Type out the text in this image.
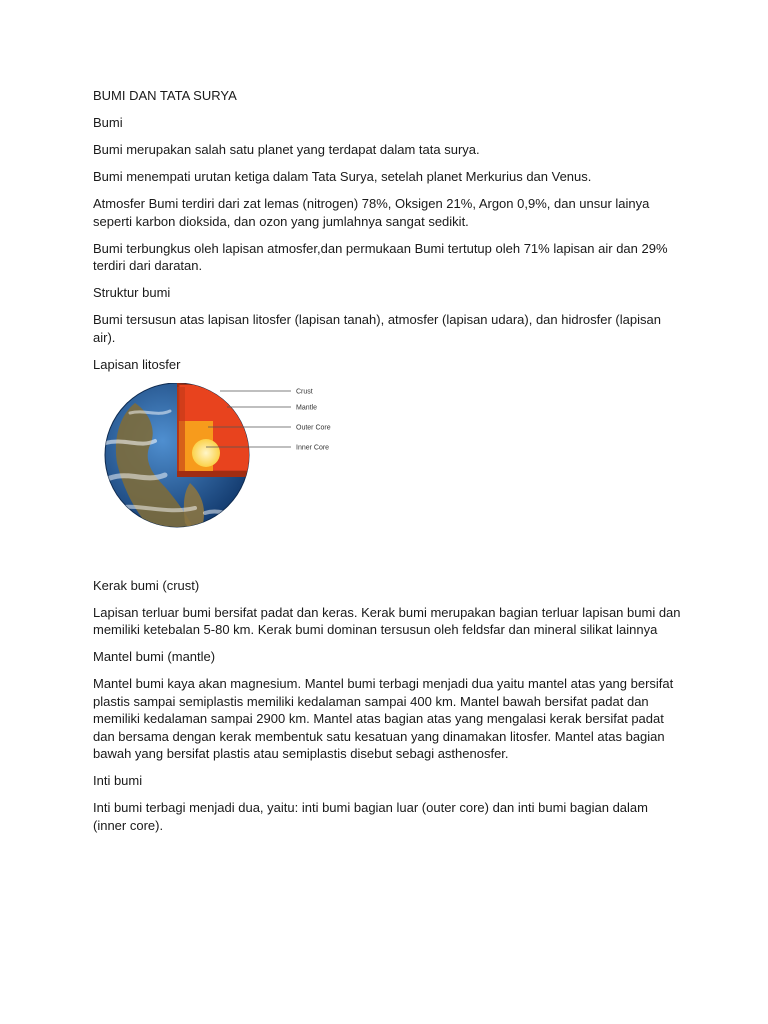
BUMI DAN TATA SURYA

Bumi

Bumi merupakan salah satu planet yang terdapat dalam tata surya.

Bumi menempati urutan ketiga dalam Tata Surya, setelah planet Merkurius dan Venus.

Atmosfer Bumi terdiri dari zat lemas (nitrogen) 78%, Oksigen 21%, Argon 0,9%, dan unsur lainya seperti karbon dioksida, dan ozon yang jumlahnya sangat sedikit.

Bumi terbungkus oleh lapisan atmosfer,dan permukaan Bumi tertutup oleh 71% lapisan air dan 29% terdiri dari daratan.

Struktur bumi

Bumi tersusun atas lapisan litosfer (lapisan tanah), atmosfer (lapisan udara), dan hidrosfer (lapisan air).

Lapisan litosfer

Crust
Mantle
Outer Core
Inner Core

Kerak bumi (crust)

Lapisan terluar bumi bersifat padat dan keras. Kerak bumi merupakan bagian terluar lapisan bumi dan memiliki ketebalan 5-80 km. Kerak bumi dominan tersusun oleh feldsfar dan mineral silikat lainnya

Mantel bumi (mantle)

Mantel bumi kaya akan magnesium. Mantel bumi terbagi menjadi dua yaitu mantel atas yang bersifat plastis sampai semiplastis memiliki kedalaman sampai 400 km. Mantel bawah bersifat padat dan memiliki kedalaman sampai 2900 km. Mantel atas bagian atas yang mengalasi kerak bersifat padat dan bersama dengan kerak membentuk satu kesatuan yang dinamakan litosfer. Mantel atas bagian bawah yang bersifat plastis atau semiplastis disebut sebagi asthenosfer.

Inti bumi

Inti bumi terbagi menjadi dua, yaitu: inti bumi bagian luar (outer core) dan inti bumi bagian dalam (inner core).
